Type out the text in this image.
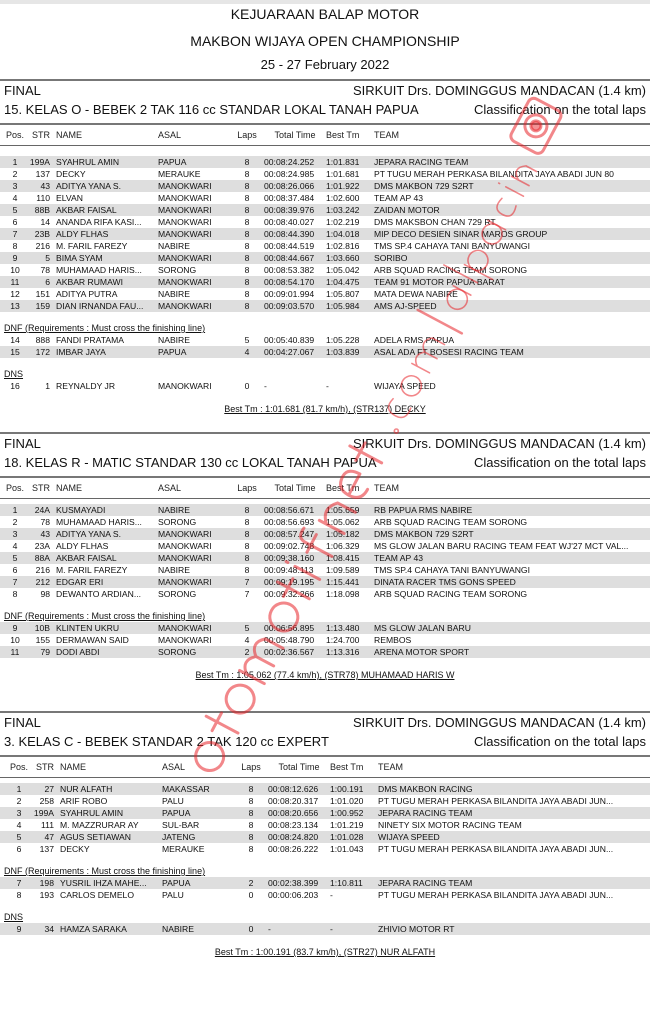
KEJUARAAN BALAP MOTOR
MAKBON WIJAYA OPEN CHAMPIONSHIP
25 - 27 February 2022
FINAL	SIRKUIT Drs. DOMINGGUS MANDACAN (1.4 km)
15. KELAS O - BEBEK 2 TAK 116 cc STANDAR LOKAL TANAH PAPUA	Classification on the total laps
Pos. STR NAME	ASAL	Laps	Total Time	Best Tm	TEAM
1	199A SYAHRUL AMIN	PAPUA	8	00:08:24.252	1:01.831	JEPARA RACING TEAM
2	137 DECKY	MERAUKE	8	00:08:24.985	1:01.681	PT TUGU MERAH PERKASA BILANDITA JAYA ABADI JUN 80
3	43 ADITYA YANA S.	MANOKWARI	8	00:08:26.066	1:01.922	DMS MAKBON 729 S2RT
4	110 ELVAN	MANOKWARI	8	00:08:37.484	1:02.600	TEAM AP 43
5	88B AKBAR FAISAL	MANOKWARI	8	00:08:39.976	1:03.242	ZAIDAN MOTOR
6	14 ANANDA RIFA KASI...	MANOKWARI	8	00:08:40.027	1:02.219	DMS MAKSBON CHAN 729 RT
7	23B ALDY FLHAS	MANOKWARI	8	00:08:44.390	1:04.018	MIP DECO DESIEN SINAR MAROS GROUP
8	216 M. FARIL FAREZY	NABIRE	8	00:08:44.519	1:02.816	TMS SP.4 CAHAYA TANI BANYUWANGI
9	5 BIMA SYAM	MANOKWARI	8	00:08:44.667	1:03.660	SORIBO
10	78 MUHAMAAD HARIS...	SORONG	8	00:08:53.382	1:05.042	ARB SQUAD RACING TEAM SORONG
11	6 AKBAR RUMAWI	MANOKWARI	8	00:08:54.170	1:04.475	TEAM 91 MOTOR PAPUA BARAT
12	151 ADITYA PUTRA	NABIRE	8	00:09:01.994	1:05.807	MATA DEWA NABIRE
13	159 DIAN IRNANDA FAU...	MANOKWARI	8	00:09:03.570	1:05.984	AMS AJ-SPEED
DNF (Requirements : Must cross the finishing line)
14	888 FANDI PRATAMA	NABIRE	5	00:05:40.839	1:05.228	ADELA RMS PAPUA
15	172 IMBAR JAYA	PAPUA	4	00:04:27.067	1:03.839	ASAL ADA FT BOSESI RACING TEAM
DNS
16	1 REYNALDY JR	MANOKWARI	0	-	-	WIJAYA SPEED
Best Tm : 1:01.681 (81.7 km/h), (STR137) DECKY
FINAL	SIRKUIT Drs. DOMINGGUS MANDACAN (1.4 km)
18. KELAS R - MATIC STANDAR 130 cc LOKAL TANAH PAPUA	Classification on the total laps
Pos. STR NAME	ASAL	Laps	Total Time	Best Tm	TEAM
1	24A KUSMAYADI	NABIRE	8	00:08:56.671	1:05.659	RB PAPUA RMS NABIRE
2	78 MUHAMAAD HARIS...	SORONG	8	00:08:56.693	1:05.062	ARB SQUAD RACING TEAM SORONG
3	43 ADITYA YANA S.	MANOKWARI	8	00:08:57.247	1:05.182	DMS MAKBON 729 S2RT
4	23A ALDY FLHAS	MANOKWARI	8	00:09:02.748	1:06.329	MS GLOW JALAN BARU RACING TEAM FEAT WJ'27 MCT VAL...
5	88A AKBAR FAISAL	MANOKWARI	8	00:09:38.160	1:08.415	TEAM AP 43
6	216 M. FARIL FAREZY	NABIRE	8	00:09:48.113	1:09.589	TMS SP.4 CAHAYA TANI BANYUWANGI
7	212 EDGAR ERI	MANOKWARI	7	00:09:19.195	1:15.441	DINATA RACER TMS GONS SPEED
8	98 DEWANTO ARDIAN...	SORONG	7	00:09:32.266	1:18.098	ARB SQUAD RACING TEAM SORONG
DNF (Requirements : Must cross the finishing line)
9	10B KLINTEN UKRU	MANOKWARI	5	00:06:56.895	1:13.480	MS GLOW JALAN BARU
10	155 DERMAWAN SAID	MANOKWARI	4	00:05:48.790	1:24.700	REMBOS
11	79 DODI ABDI	SORONG	2	00:02:36.567	1:13.316	ARENA MOTOR SPORT
Best Tm : 1:05.062 (77.4 km/h), (STR78) MUHAMAAD HARIS W
FINAL	SIRKUIT Drs. DOMINGGUS MANDACAN (1.4 km)
3. KELAS C - BEBEK STANDAR 2 TAK 120 cc EXPERT	Classification on the total laps
Pos. STR NAME	ASAL	Laps	Total Time	Best Tm	TEAM
1	27 NUR ALFATH	MAKASSAR	8	00:08:12.626	1:00.191	DMS MAKBON RACING
2	258 ARIF ROBO	PALU	8	00:08:20.317	1:01.020	PT TUGU MERAH PERKASA BILANDITA JAYA ABADI JUN...
3	199A SYAHRUL AMIN	PAPUA	8	00:08:20.656	1:00.952	JEPARA RACING TEAM
4	111 M. MAZZRURAR AY	SUL-BAR	8	00:08:23.134	1:01.219	NINETY SIX MOTOR RACING TEAM
5	47 AGUS SETIAWAN	JATENG	8	00:08:24.820	1:01.028	WIJAYA SPEED
6	137 DECKY	MERAUKE	8	00:08:26.222	1:01.043	PT TUGU MERAH PERKASA BILANDITA JAYA ABADI JUN...
DNF (Requirements : Must cross the finishing line)
7	198 YUSRIL IHZA MAHE...	PAPUA	2	00:02:38.399	1:10.811	JEPARA RACING TEAM
8	193 CARLOS DEMELO	PALU	0	00:00:06.203	-	PT TUGU MERAH PERKASA BILANDITA JAYA ABADI JUN...
DNS
9	34 HAMZA SARAKA	NABIRE	0	-	-	ZHIVIO MOTOR RT
Best Tm : 1:00.191 (83.7 km/h), (STR27) NUR ALFATH
